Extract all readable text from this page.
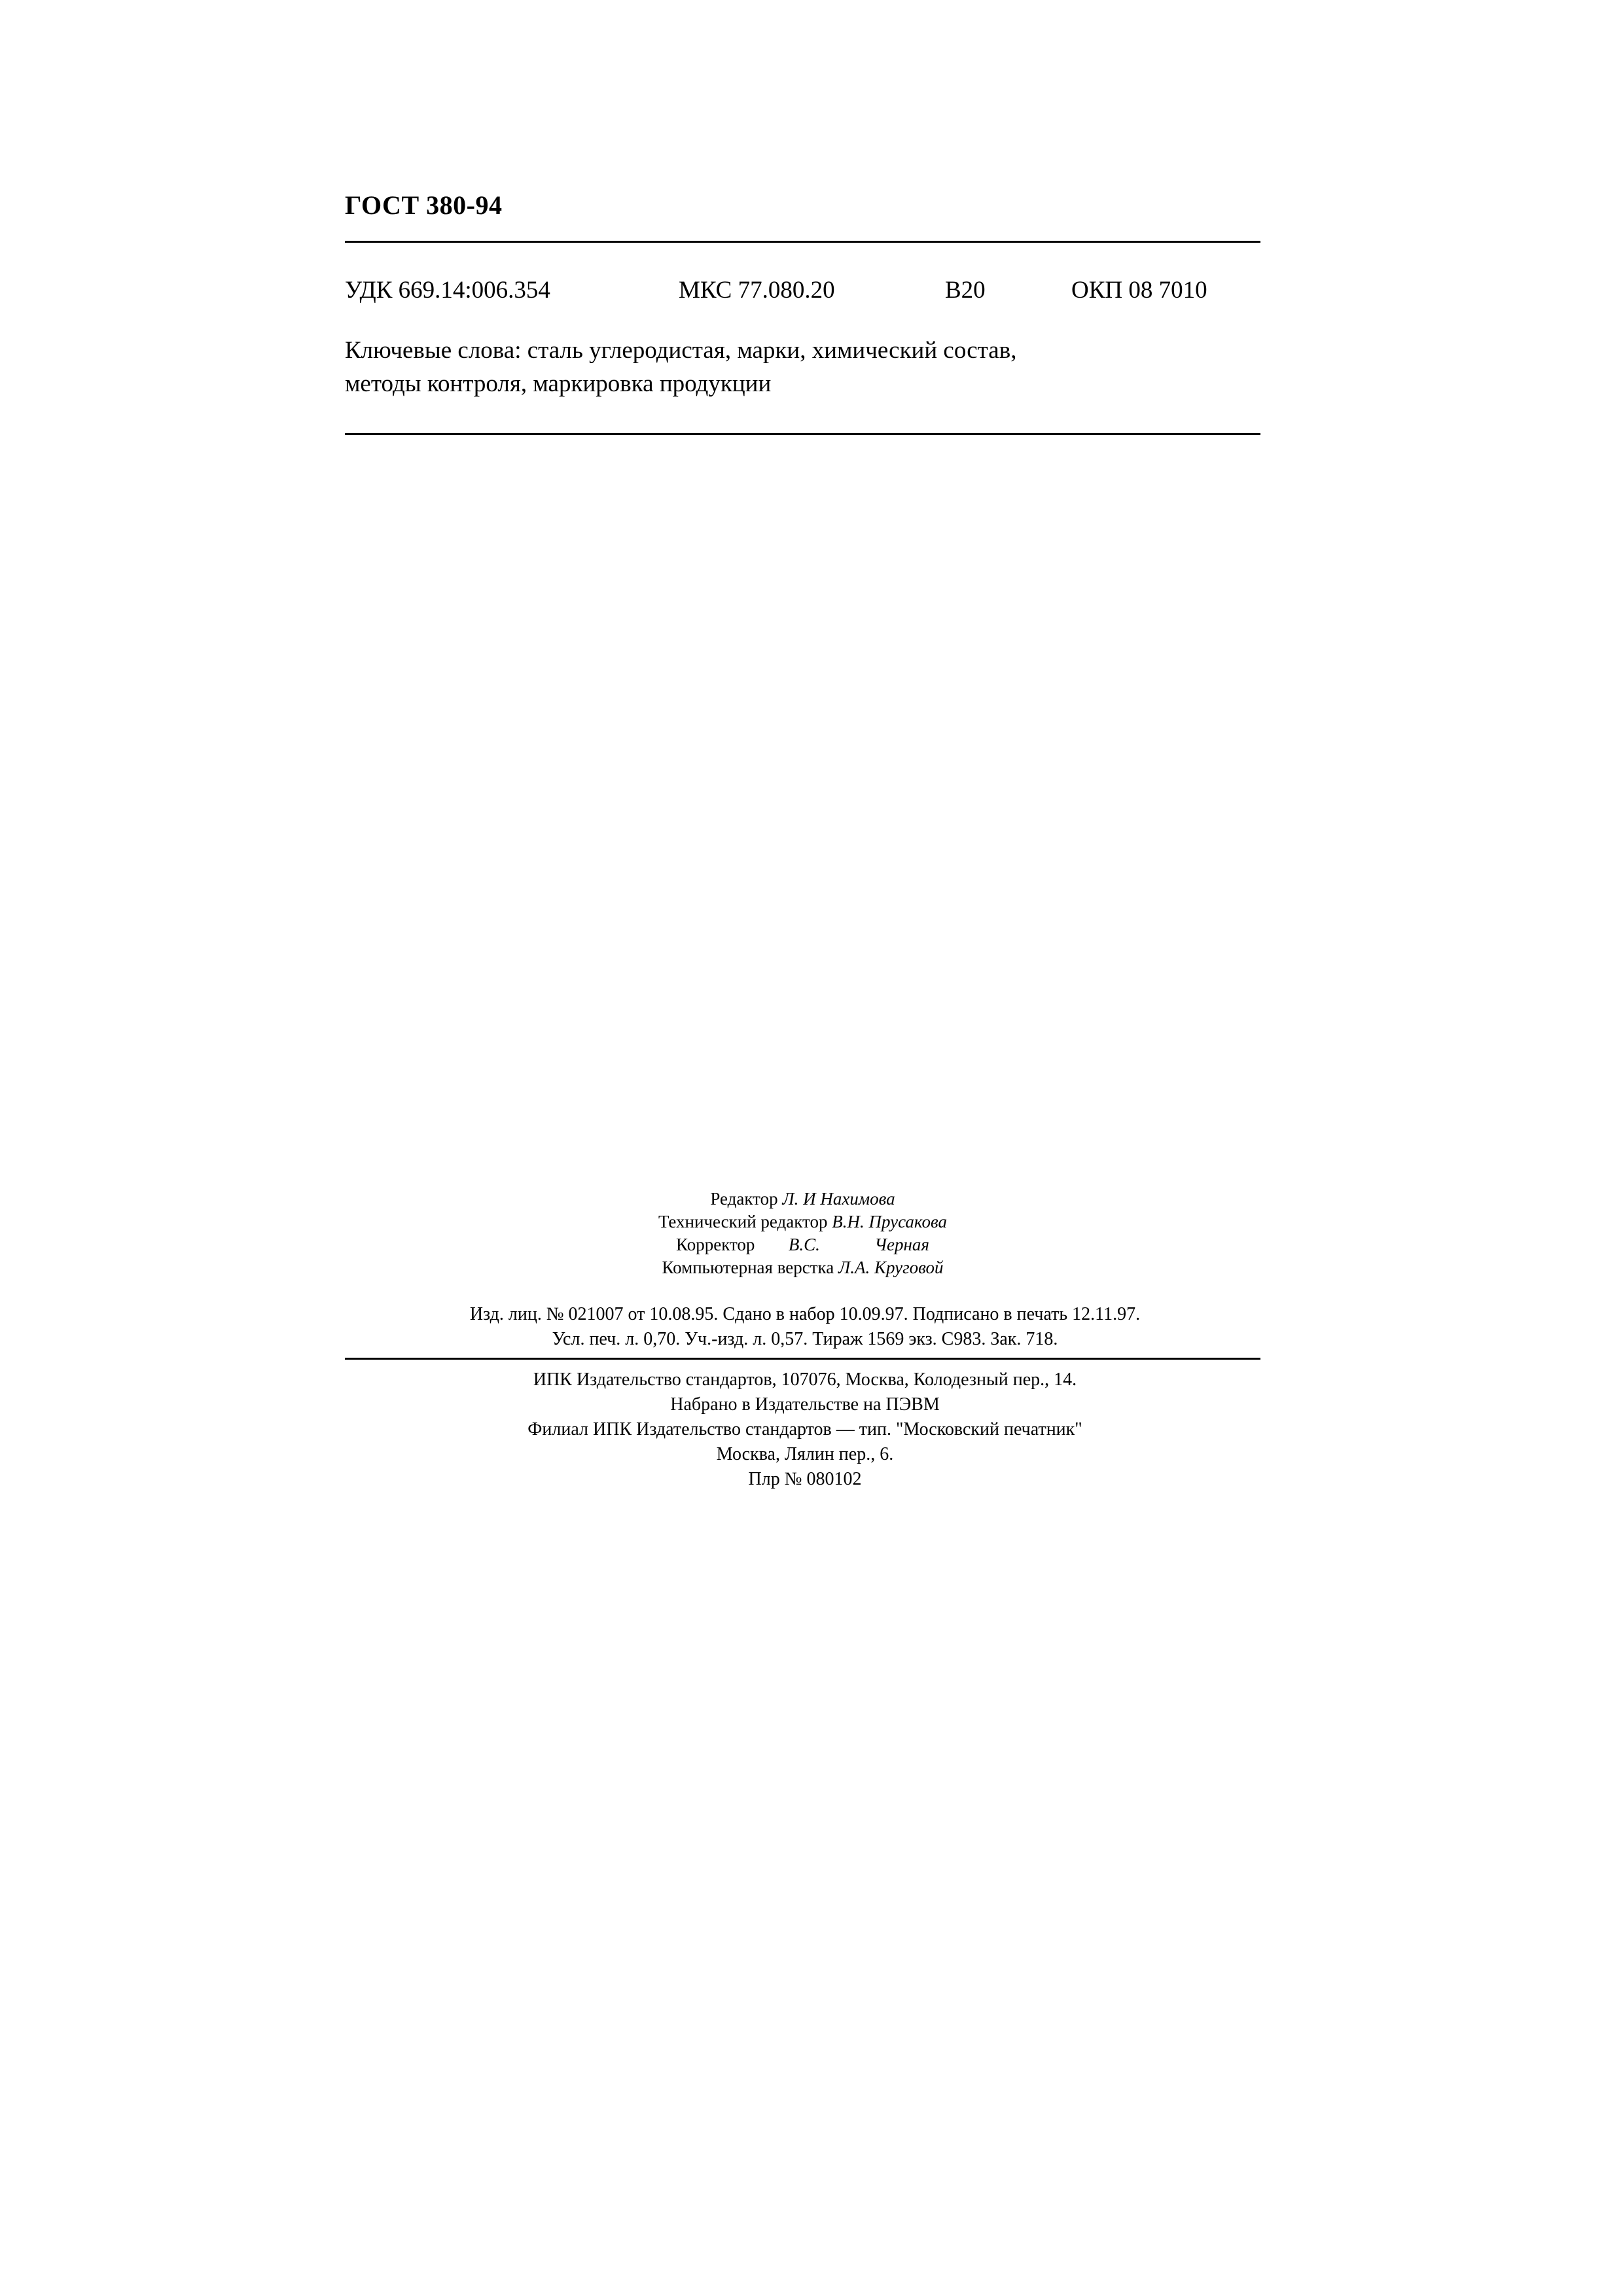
ГОСТ 380-94
УДК 669.14:006.354	МКС 77.080.20	В20	ОКП 08 7010
Ключевые слова: сталь углеродистая, марки, химический состав,
методы контроля, маркировка продукции
Редактор Л. И Нахимова
Технический редактор В.Н. Прусакова
Корректор В.С.	Черная
Компьютерная верстка Л.А. Круговой
Изд. лиц. № 021007 от 10.08.95. Сдано в набор 10.09.97. Подписано в печать 12.11.97.
Усл. печ. л. 0,70. Уч.-изд. л. 0,57. Тираж 1569 экз. С983. Зак. 718.
ИПК Издательство стандартов, 107076, Москва, Колодезный пер., 14.
Набрано в Издательстве на ПЭВМ
Филиал ИПК Издательство стандартов — тип. "Московский печатник"
Москва, Лялин пер., 6.
Плр № 080102
